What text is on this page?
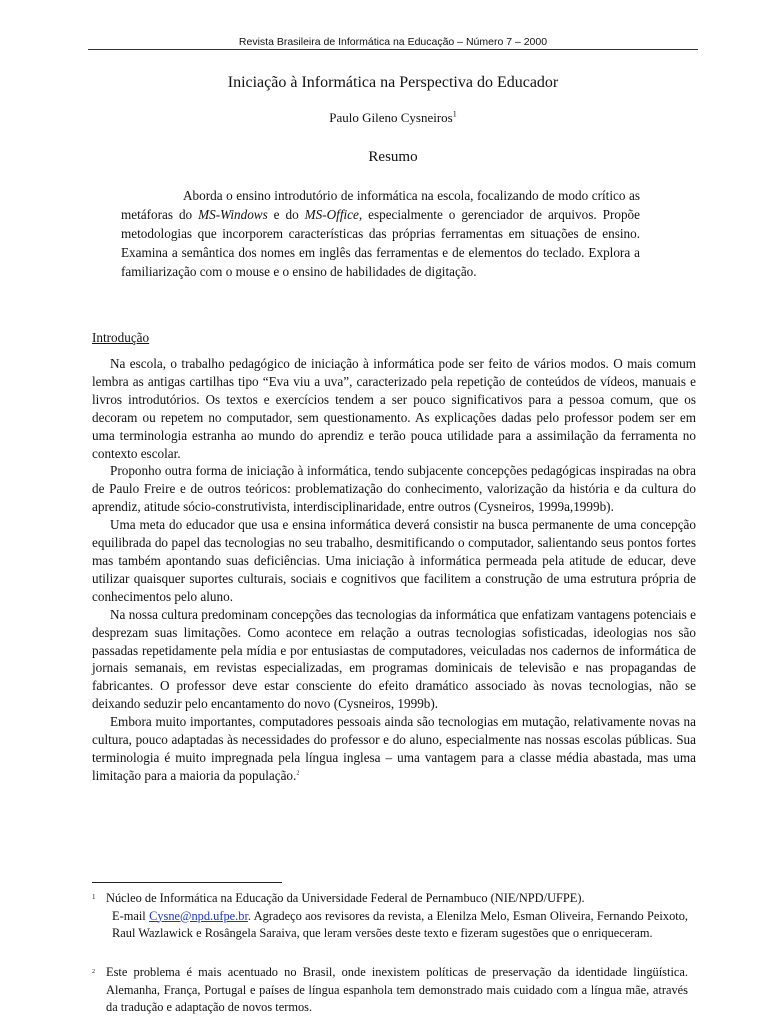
Revista Brasileira de Informática na Educação – Número 7 – 2000
Iniciação à Informática na Perspectiva do Educador
Paulo Gileno Cysneiros$^1$
Resumo

Aborda o ensino introdutório de informática na escola, focalizando de modo crítico as metáforas do MS-Windows e do MS-Office, especialmente o gerenciador de arquivos. Propõe metodologias que incorporem características das próprias ferramentas em situações de ensino. Examina a semântica dos nomes em inglês das ferramentas e de elementos do teclado. Explora a familiarização com o mouse e o ensino de habilidades de digitação.

Introdução

Na escola, o trabalho pedagógico de iniciação à informática pode ser feito de vários modos. O mais comum lembra as antigas cartilhas tipo “Eva viu a uva”, caracterizado pela repetição de conteúdos de vídeos, manuais e livros introdutórios. Os textos e exercícios tendem a ser pouco significativos para a pessoa comum, que os decoram ou repetem no computador, sem questionamento. As explicações dadas pelo professor podem ser em uma terminologia estranha ao mundo do aprendiz e terão pouca utilidade para a assimilação da ferramenta no contexto escolar.

Proponho outra forma de iniciação à informática, tendo subjacente concepções pedagógicas inspiradas na obra de Paulo Freire e de outros teóricos: problematização do conhecimento, valorização da história e da cultura do aprendiz, atitude sócio-construtivista, interdisciplinaridade, entre outros (Cysneiros, 1999a,1999b).

Uma meta do educador que usa e ensina informática deverá consistir na busca permanente de uma concepção equilibrada do papel das tecnologias no seu trabalho, desmitificando o computador, salientando seus pontos fortes mas também apontando suas deficiências. Uma iniciação à informática permeada pela atitude de educar, deve utilizar quaisquer suportes culturais, sociais e cognitivos que facilitem a construção de uma estrutura própria de conhecimentos pelo aluno.

Na nossa cultura predominam concepções das tecnologias da informática que enfatizam vantagens potenciais e desprezam suas limitações. Como acontece em relação a outras tecnologias sofisticadas, ideologias nos são passadas repetidamente pela mídia e por entusiastas de computadores, veiculadas nos cadernos de informática de jornais semanais, em revistas especializadas, em programas dominicais de televisão e nas propagandas de fabricantes. O professor deve estar consciente do efeito dramático associado às novas tecnologias, não se deixando seduzir pelo encantamento do novo (Cysneiros, 1999b).

Embora muito importantes, computadores pessoais ainda são tecnologias em mutação, relativamente novas na cultura, pouco adaptadas às necessidades do professor e do aluno, especialmente nas nossas escolas públicas. Sua terminologia é muito impregnada pela língua inglesa – uma vantagem para a classe média abastada, mas uma limitação para a maioria da população.$^2$

1 Núcleo de Informática na Educação da Universidade Federal de Pernambuco (NIE/NPD/UFPE).
E-mail Cysne@npd.ufpe.br. Agradeço aos revisores da revista, a Elenilza Melo, Esman Oliveira, Fernando Peixoto, Raul Wazlawick e Rosângela Saraiva, que leram versões deste texto e fizeram sugestões que o enriqueceram.
2 Este problema é mais acentuado no Brasil, onde inexistem políticas de preservação da identidade lingüística. Alemanha, França, Portugal e países de língua espanhola tem demonstrado mais cuidado com a língua mãe, através da tradução e adaptação de novos termos.
